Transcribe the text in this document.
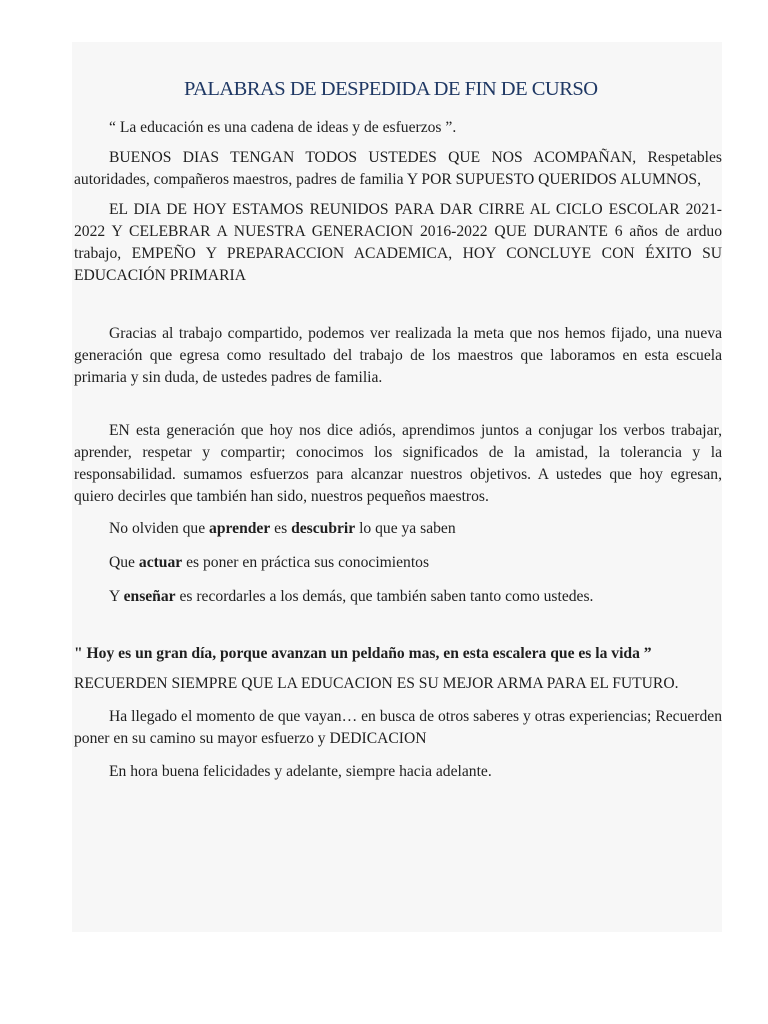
PALABRAS DE DESPEDIDA DE FIN DE CURSO

“ La educación es una cadena de ideas y de esfuerzos ”.

BUENOS DIAS TENGAN TODOS USTEDES QUE NOS ACOMPAÑAN, Respetables autoridades, compañeros maestros, padres de familia Y POR SUPUESTO QUERIDOS ALUMNOS,

EL DIA DE HOY ESTAMOS REUNIDOS PARA DAR CIRRE AL CICLO ESCOLAR 2021-2022 Y CELEBRAR A NUESTRA GENERACION 2016-2022 QUE DURANTE 6 años de arduo trabajo, EMPEÑO Y PREPARACCION ACADEMICA, HOY CONCLUYE CON ÉXITO SU EDUCACIÓN PRIMARIA

Gracias al trabajo compartido, podemos ver realizada la meta que nos hemos fijado, una nueva generación que egresa como resultado del trabajo de los maestros que laboramos en esta escuela primaria y sin duda, de ustedes padres de familia.

EN esta generación que hoy nos dice adiós, aprendimos juntos a conjugar los verbos trabajar, aprender, respetar y compartir; conocimos los significados de la amistad, la tolerancia y la responsabilidad. sumamos esfuerzos para alcanzar nuestros objetivos. A ustedes que hoy egresan, quiero decirles que también han sido, nuestros pequeños maestros.

No olviden que aprender es descubrir lo que ya saben

Que actuar es poner en práctica sus conocimientos

Y enseñar es recordarles a los demás, que también saben tanto como ustedes.

" Hoy es un gran día, porque avanzan un peldaño mas, en esta escalera que es la vida ”

RECUERDEN SIEMPRE QUE LA EDUCACION ES SU MEJOR ARMA PARA EL FUTURO.

Ha llegado el momento de que vayan… en busca de otros saberes y otras experiencias; Recuerden poner en su camino su mayor esfuerzo y DEDICACION

En hora buena felicidades y adelante, siempre hacia adelante.
